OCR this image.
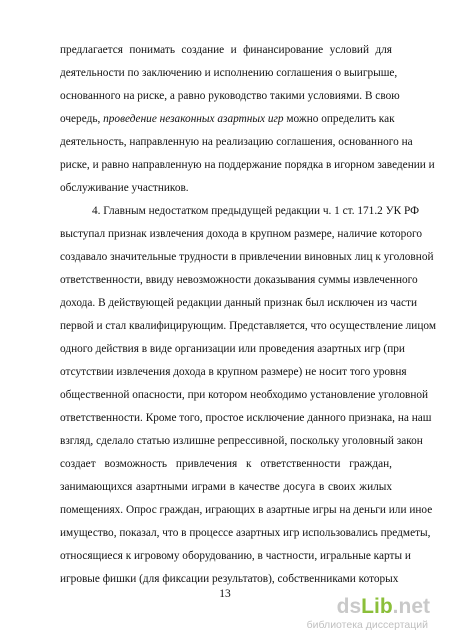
предлагается понимать создание и финансирование условий для
деятельности по заключению и исполнению соглашения о выигрыше,
основанного на риске, а равно руководство такими условиями. В свою
очередь, проведение незаконных азартных игр можно определить как
деятельность, направленную на реализацию соглашения, основанного на
риске, и равно направленную на поддержание порядка в игорном заведении и
обслуживание участников.
4. Главным недостатком предыдущей редакции ч. 1 ст. 171.2 УК РФ
выступал признак извлечения дохода в крупном размере, наличие которого
создавало значительные трудности в привлечении виновных лиц к уголовной
ответственности, ввиду невозможности доказывания суммы извлеченного
дохода. В действующей редакции данный признак был исключен из части
первой и стал квалифицирующим. Представляется, что осуществление лицом
одного действия в виде организации или проведения азартных игр (при
отсутствии извлечения дохода в крупном размере) не носит того уровня
общественной опасности, при котором необходимо установление уголовной
ответственности. Кроме того, простое исключение данного признака, на наш
взгляд, сделало статью излишне репрессивной, поскольку уголовный закон
создает возможность привлечения к ответственности граждан,
занимающихся азартными играми в качестве досуга в своих жилых
помещениях. Опрос граждан, играющих в азартные игры на деньги или иное
имущество, показал, что в процессе азартных игр использовались предметы,
относящиеся к игровому оборудованию, в частности, игральные карты и
игровые фишки (для фиксации результатов), собственниками которых
13
dsLib.net
библиотека диссертаций
